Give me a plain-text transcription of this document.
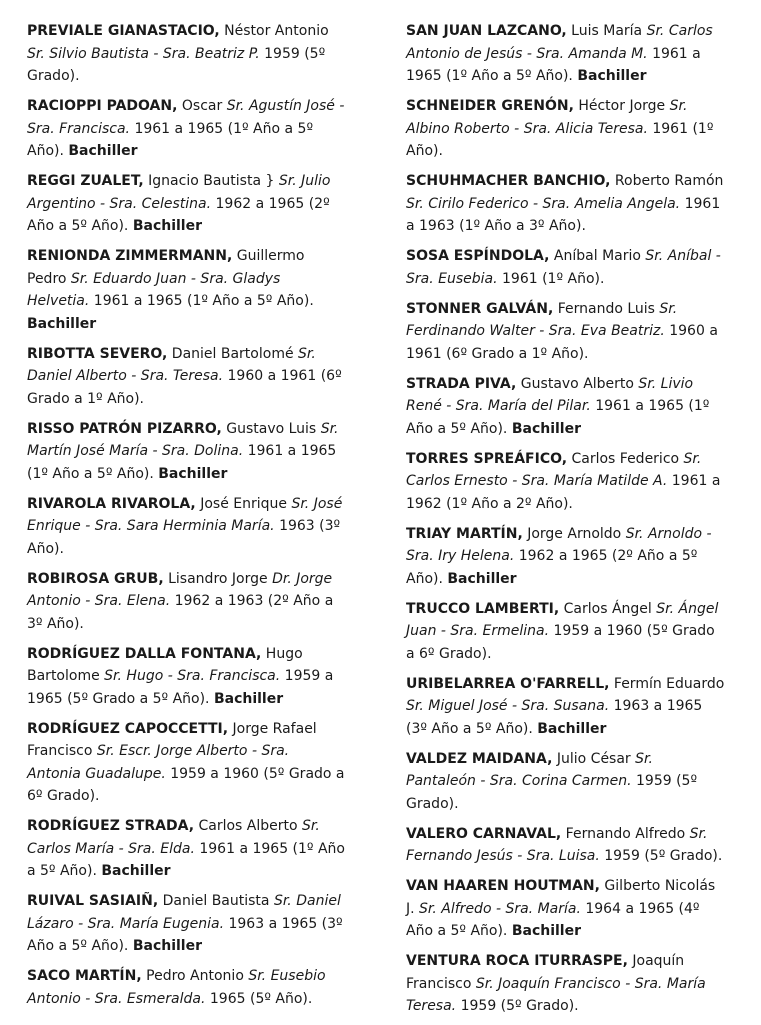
PREVIALE GIANASTACIO, Néstor Antonio Sr. Silvio Bautista - Sra. Beatriz P. 1959 (5º Grado).

RACIOPPI PADOAN, Oscar Sr. Agustín José - Sra. Francisca. 1961 a 1965 (1º Año a 5º Año). Bachiller

REGGI ZUALET, Ignacio Bautista } Sr. Julio Argentino - Sra. Celestina. 1962 a 1965 (2º Año a 5º Año). Bachiller

RENIONDA ZIMMERMANN, Guillermo Pedro Sr. Eduardo Juan - Sra. Gladys Helvetia. 1961 a 1965 (1º Año a 5º Año). Bachiller

RIBOTTA SEVERO, Daniel Bartolomé Sr. Daniel Alberto - Sra. Teresa. 1960 a 1961 (6º Grado a 1º Año).

RISSO PATRÓN PIZARRO, Gustavo Luis Sr. Martín José María - Sra. Dolina. 1961 a 1965 (1º Año a 5º Año). Bachiller

RIVAROLA RIVAROLA, José Enrique Sr. José Enrique - Sra. Sara Herminia María. 1963 (3º Año).

ROBIROSA GRUB, Lisandro Jorge Dr. Jorge Antonio - Sra. Elena. 1962 a 1963 (2º Año a 3º Año).

RODRÍGUEZ DALLA FONTANA, Hugo Bartolome Sr. Hugo - Sra. Francisca. 1959 a 1965 (5º Grado a 5º Año). Bachiller

RODRÍGUEZ CAPOCCETTI, Jorge Rafael Francisco Sr. Escr. Jorge Alberto - Sra. Antonia Guadalupe. 1959 a 1960 (5º Grado a 6º Grado).

RODRÍGUEZ STRADA, Carlos Alberto Sr. Carlos María - Sra. Elda. 1961 a 1965 (1º Año a 5º Año). Bachiller

RUIVAL SASIAIÑ, Daniel Bautista Sr. Daniel Lázaro - Sra. María Eugenia. 1963 a 1965 (3º Año a 5º Año). Bachiller

SACO MARTÍN, Pedro Antonio Sr. Eusebio Antonio - Sra. Esmeralda. 1965 (5º Año).

SAN JUAN LAZCANO, Luis María Sr. Carlos Antonio de Jesús - Sra. Amanda M. 1961 a 1965 (1º Año a 5º Año). Bachiller

SCHNEIDER GRENÓN, Héctor Jorge Sr. Albino Roberto - Sra. Alicia Teresa. 1961 (1º Año).

SCHUHMACHER BANCHIO, Roberto Ramón Sr. Cirilo Federico - Sra. Amelia Angela. 1961 a 1963 (1º Año a 3º Año).

SOSA ESPÍNDOLA, Aníbal Mario Sr. Aníbal - Sra. Eusebia. 1961 (1º Año).

STONNER GALVÁN, Fernando Luis Sr. Ferdinando Walter - Sra. Eva Beatriz. 1960 a 1961 (6º Grado a 1º Año).

STRADA PIVA, Gustavo Alberto Sr. Livio René - Sra. María del Pilar. 1961 a 1965 (1º Año a 5º Año). Bachiller

TORRES SPREÁFICO, Carlos Federico Sr. Carlos Ernesto - Sra. María Matilde A. 1961 a 1962 (1º Año a 2º Año).

TRIAY MARTÍN, Jorge Arnoldo Sr. Arnoldo - Sra. Iry Helena. 1962 a 1965 (2º Año a 5º Año). Bachiller

TRUCCO LAMBERTI, Carlos Ángel Sr. Ángel Juan - Sra. Ermelina. 1959 a 1960 (5º Grado a 6º Grado).

URIBELARREA O'FARRELL, Fermín Eduardo Sr. Miguel José - Sra. Susana. 1963 a 1965 (3º Año a 5º Año). Bachiller

VALDEZ MAIDANA, Julio César Sr. Pantaleón - Sra. Corina Carmen. 1959 (5º Grado).

VALERO CARNAVAL, Fernando Alfredo Sr. Fernando Jesús - Sra. Luisa. 1959 (5º Grado).

VAN HAAREN HOUTMAN, Gilberto Nicolás J. Sr. Alfredo - Sra. María. 1964 a 1965 (4º Año a 5º Año). Bachiller

VENTURA ROCA ITURRASPE, Joaquín Francisco Sr. Joaquín Francisco - Sra. María Teresa. 1959 (5º Grado).
